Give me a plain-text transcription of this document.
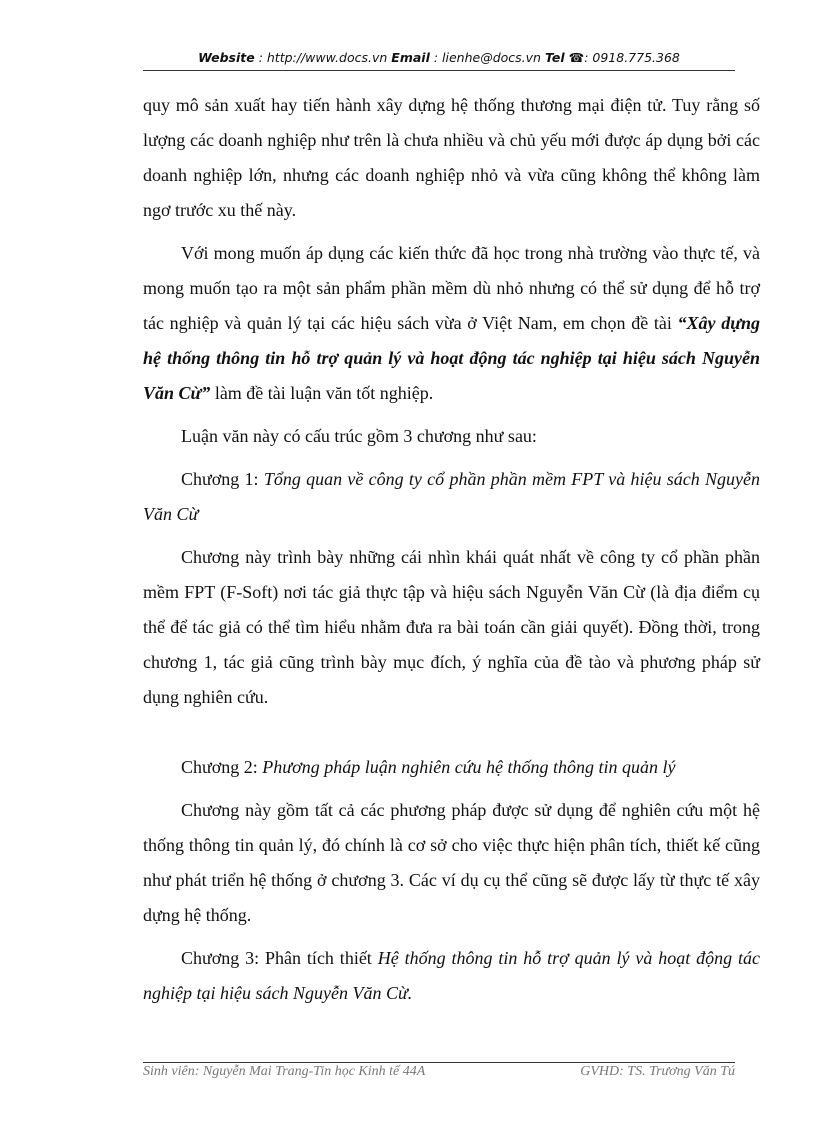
Website : http://www.docs.vn Email : lienhe@docs.vn Tel ☎: 0918.775.368

quy mô sản xuất hay tiến hành xây dựng hệ thống thương mại điện tử. Tuy rằng số lượng các doanh nghiệp như trên là chưa nhiều và chủ yếu mới được áp dụng bởi các doanh nghiệp lớn, nhưng các doanh nghiệp nhỏ và vừa cũng không thể không làm ngơ trước xu thế này.

Với mong muốn áp dụng các kiến thức đã học trong nhà trường vào thực tế, và mong muốn tạo ra một sản phẩm phần mềm dù nhỏ nhưng có thể sử dụng để hỗ trợ tác nghiệp và quản lý tại các hiệu sách vừa ở Việt Nam, em chọn đề tài “Xây dựng hệ thống thông tin hỗ trợ quản lý và hoạt động tác nghiệp tại hiệu sách Nguyễn Văn Cừ” làm đề tài luận văn tốt nghiệp.

Luận văn này có cấu trúc gồm 3 chương như sau:

Chương 1: Tổng quan về công ty cổ phần phần mềm FPT và hiệu sách Nguyễn Văn Cừ

Chương này trình bày những cái nhìn khái quát nhất về công ty cổ phần phần mềm FPT (F-Soft) nơi tác giả thực tập và hiệu sách Nguyễn Văn Cừ (là địa điểm cụ thể để tác giả có thể tìm hiểu nhằm đưa ra bài toán cần giải quyết). Đồng thời, trong chương 1, tác giả cũng trình bày mục đích, ý nghĩa của đề tào và phương pháp sử dụng nghiên cứu.

Chương 2: Phương pháp luận nghiên cứu hệ thống thông tin quản lý

Chương này gồm tất cả các phương pháp được sử dụng để nghiên cứu một hệ thống thông tin quản lý, đó chính là cơ sở cho việc thực hiện phân tích, thiết kế cũng như phát triển hệ thống ở chương 3. Các ví dụ cụ thể cũng sẽ được lấy từ thực tế xây dựng hệ thống.

Chương 3: Phân tích thiết Hệ thống thông tin hỗ trợ quản lý và hoạt động tác nghiệp tại hiệu sách Nguyễn Văn Cừ.

Sinh viên: Nguyễn Mai Trang-Tin học Kinh tế 44A	GVHD: TS. Trương Văn Tú
